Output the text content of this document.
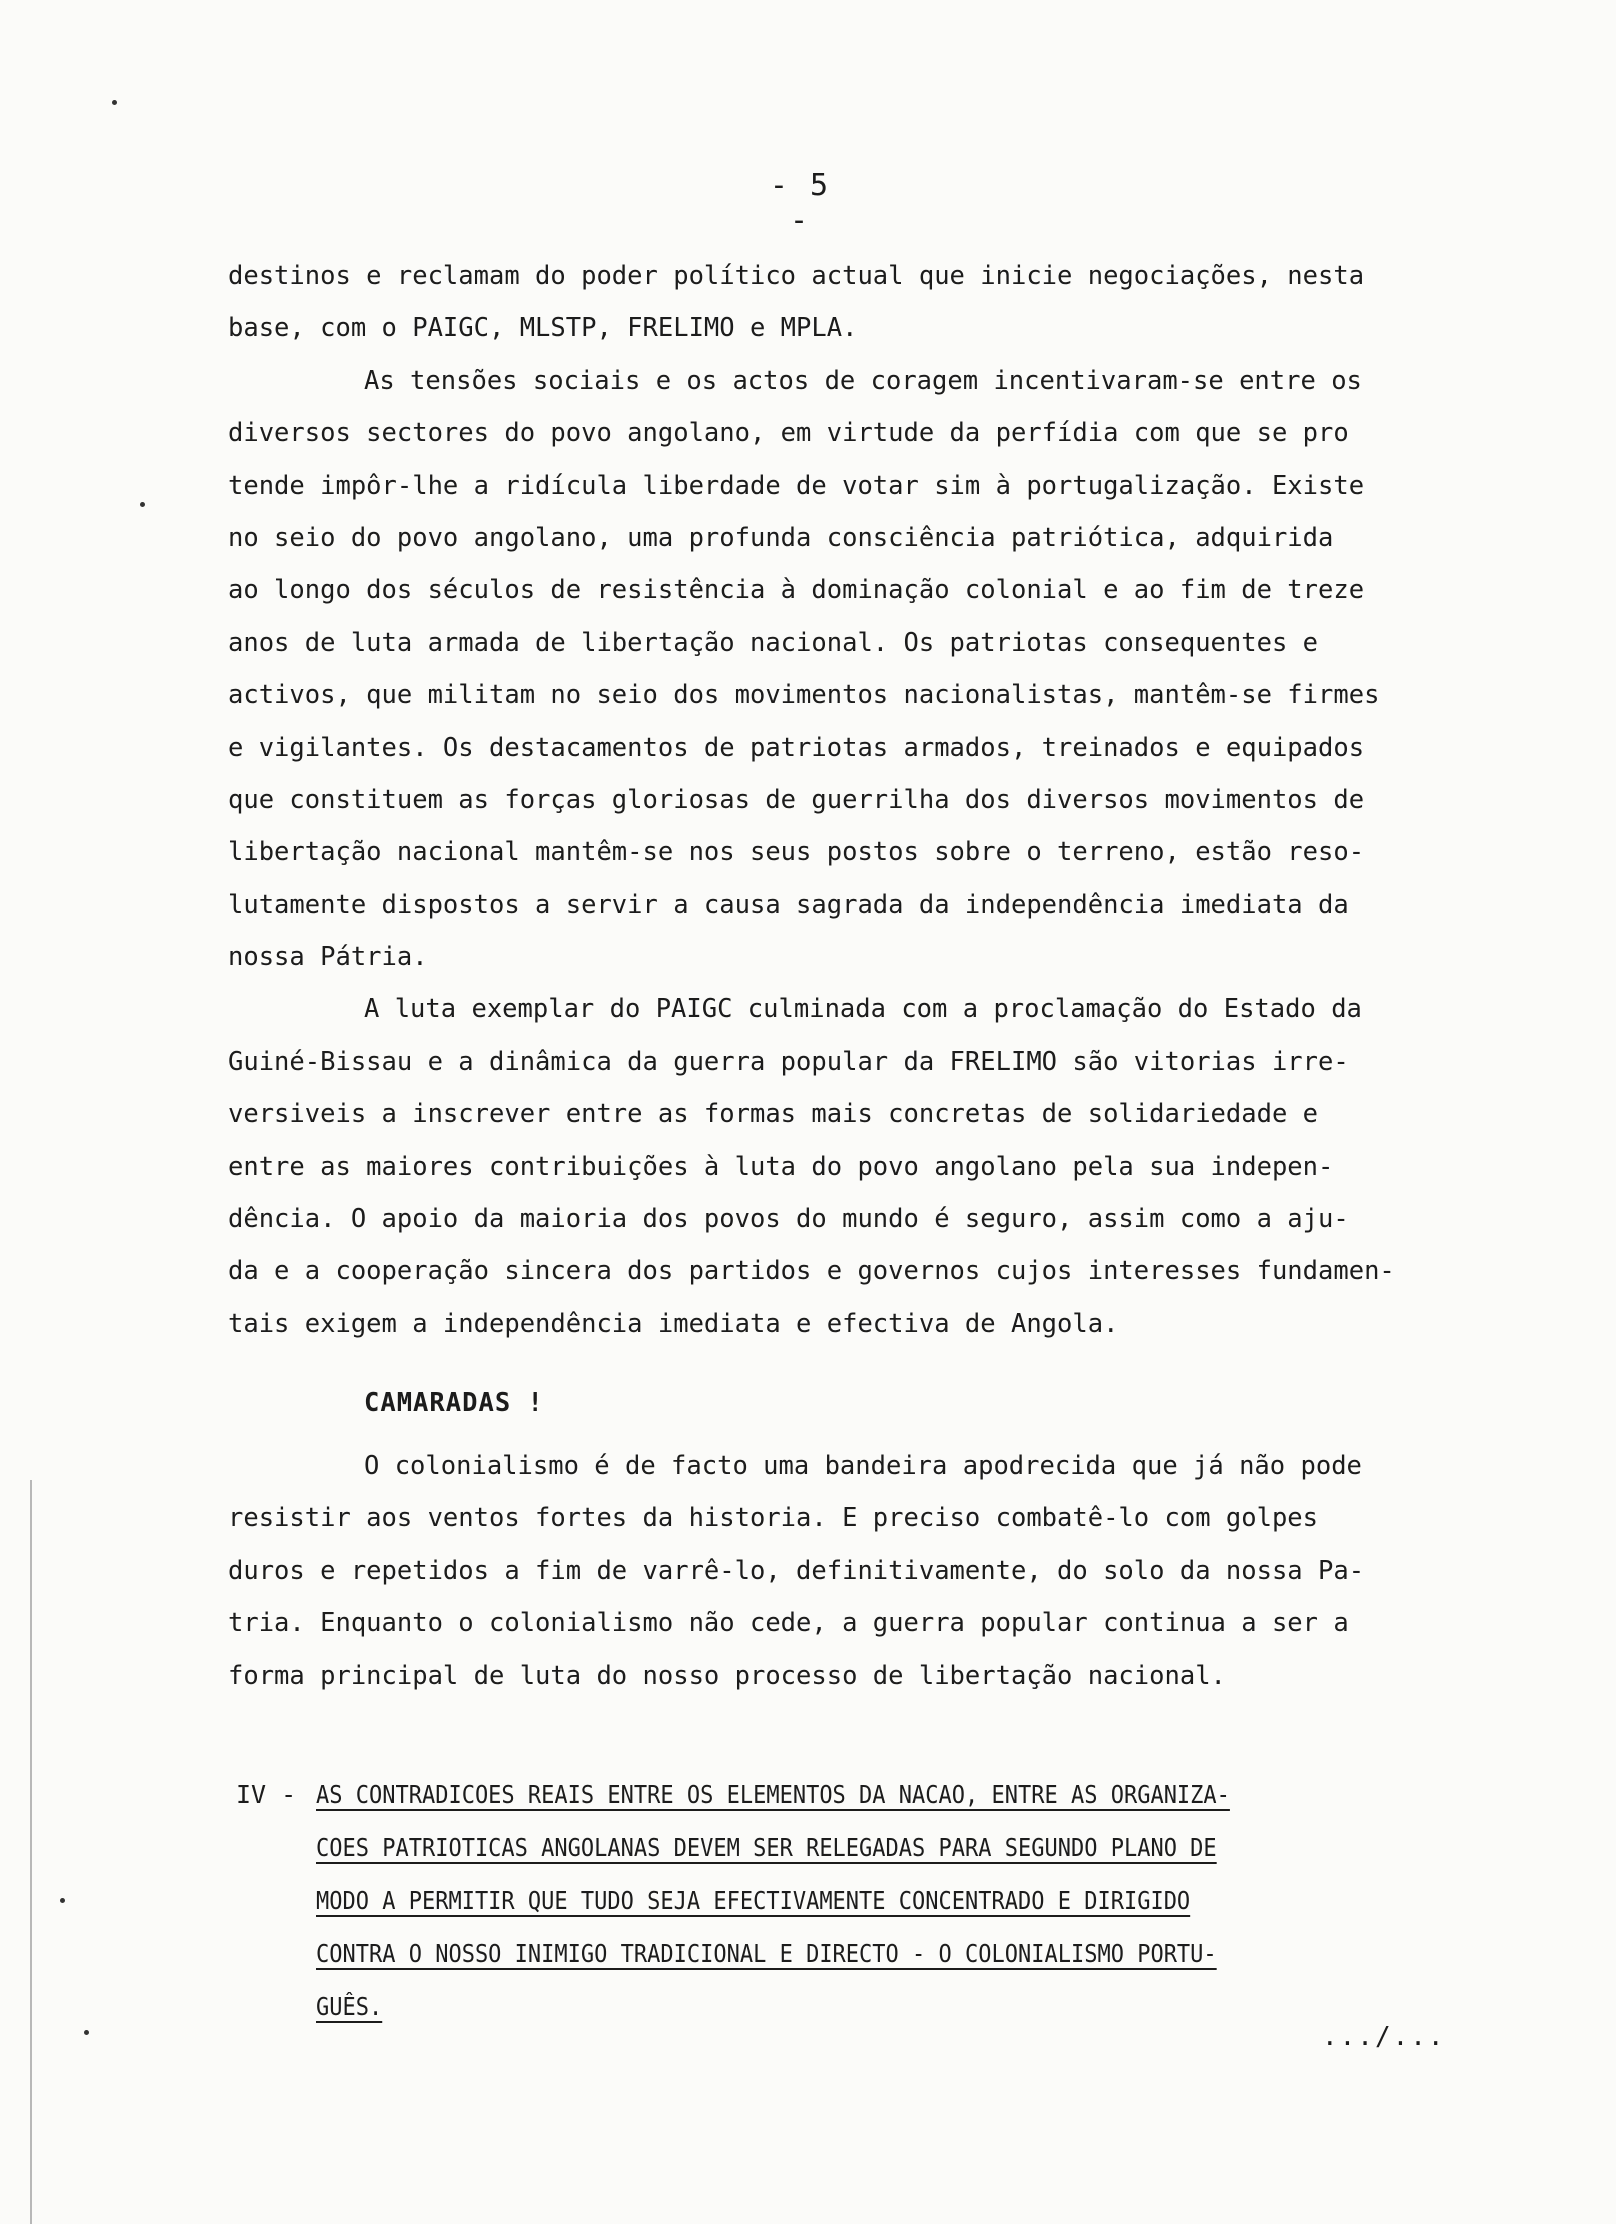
- 5 -
destinos e reclamam do poder político actual que inicie negociações, nesta
base, com o PAIGC, MLSTP, FRELIMO e MPLA.
As tensões sociais e os actos de coragem incentivaram-se entre os
diversos sectores do povo angolano, em virtude da perfídia com que se pro
tende impôr-lhe a ridícula liberdade de votar sim à portugalização. Existe
no seio do povo angolano, uma profunda consciência patriótica, adquirida
ao longo dos séculos de resistência à dominação colonial e ao fim de treze
anos de luta armada de libertação nacional. Os patriotas consequentes e
activos, que militam no seio dos movimentos nacionalistas, mantêm-se firmes
e vigilantes. Os destacamentos de patriotas armados, treinados e equipados
que constituem as forças gloriosas de guerrilha dos diversos movimentos de
libertação nacional mantêm-se nos seus postos sobre o terreno, estão reso-
lutamente dispostos a servir a causa sagrada da independência imediata da
nossa Pátria.
A luta exemplar do PAIGC culminada com a proclamação do Estado da
Guiné-Bissau e a dinâmica da guerra popular da FRELIMO são vitorias irre-
versiveis a inscrever entre as formas mais concretas de solidariedade e
entre as maiores contribuições à luta do povo angolano pela sua indepen-
dência. O apoio da maioria dos povos do mundo é seguro, assim como a aju-
da e a cooperação sincera dos partidos e governos cujos interesses fundamen-
tais exigem a independência imediata e efectiva de Angola.
CAMARADAS !
O colonialismo é de facto uma bandeira apodrecida que já não pode
resistir aos ventos fortes da historia. E preciso combatê-lo com golpes
duros e repetidos a fim de varrê-lo, definitivamente, do solo da nossa Pa-
tria. Enquanto o colonialismo não cede, a guerra popular continua a ser a
forma principal de luta do nosso processo de libertação nacional.
IV - AS CONTRADICOES REAIS ENTRE OS ELEMENTOS DA NACAO, ENTRE AS ORGANIZA-
COES PATRIOTICAS ANGOLANAS DEVEM SER RELEGADAS PARA SEGUNDO PLANO DE
MODO A PERMITIR QUE TUDO SEJA EFECTIVAMENTE CONCENTRADO E DIRIGIDO
CONTRA O NOSSO INIMIGO TRADICIONAL E DIRECTO - O COLONIALISMO PORTU-
GUÊS.
.../...
